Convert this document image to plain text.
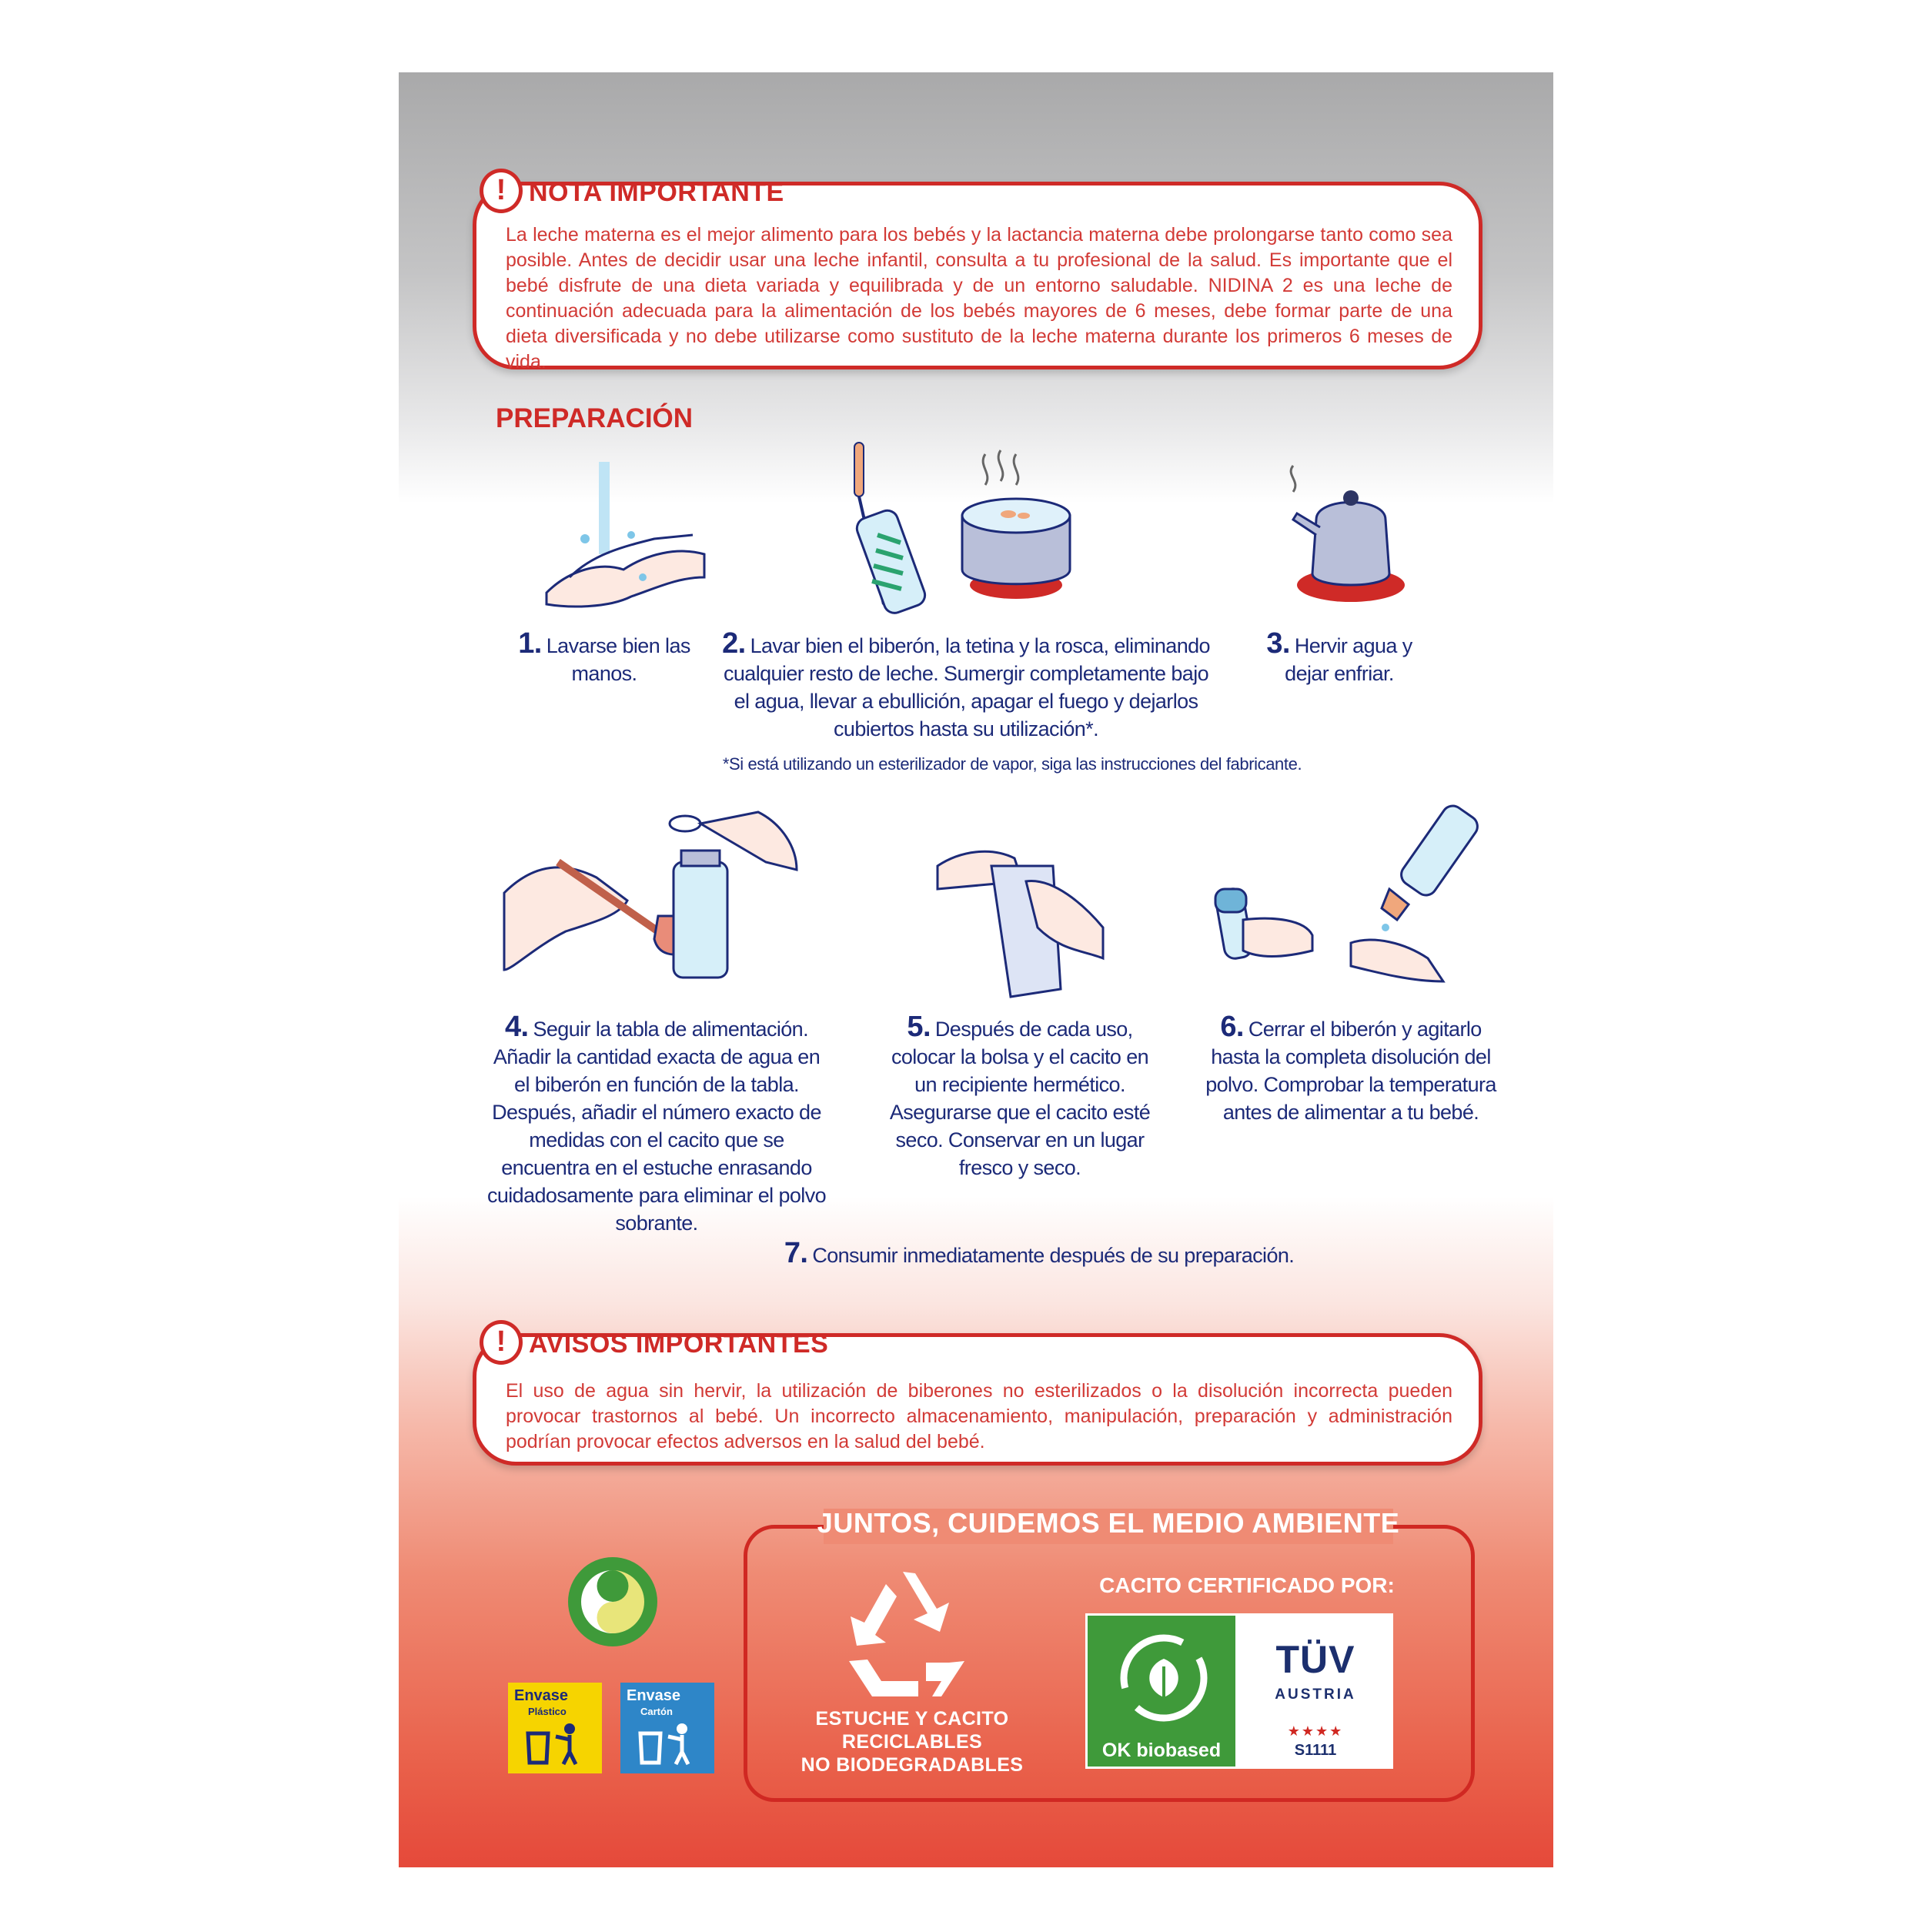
! NOTA IMPORTANTE
La leche materna es el mejor alimento para los bebés y la lactancia materna debe prolongarse tanto como sea posible. Antes de decidir usar una leche infantil, consulta a tu profesional de la salud. Es importante que el bebé disfrute de una dieta variada y equilibrada y de un entorno saludable. NIDINA 2 es una leche de continuación adecuada para la alimentación de los bebés mayores de 6 meses, debe formar parte de una dieta diversificada y no debe utilizarse como sustituto de la leche materna durante los primeros 6 meses de vida.
PREPARACIÓN
1. Lavarse bien las manos.
2. Lavar bien el biberón, la tetina y la rosca, eliminando cualquier resto de leche. Sumergir completamente bajo el agua, llevar a ebullición, apagar el fuego y dejarlos cubiertos hasta su utilización*.
3. Hervir agua y dejar enfriar.
*Si está utilizando un esterilizador de vapor, siga las instrucciones del fabricante.
4. Seguir la tabla de alimentación. Añadir la cantidad exacta de agua en el biberón en función de la tabla. Después, añadir el número exacto de medidas con el cacito que se encuentra en el estuche enrasando cuidadosamente para eliminar el polvo sobrante.
5. Después de cada uso, colocar la bolsa y el cacito en un recipiente hermético. Asegurarse que el cacito esté seco. Conservar en un lugar fresco y seco.
6. Cerrar el biberón y agitarlo hasta la completa disolución del polvo. Comprobar la temperatura antes de alimentar a tu bebé.
7. Consumir inmediatamente después de su preparación.
! AVISOS IMPORTANTES
El uso de agua sin hervir, la utilización de biberones no esterilizados o la disolución incorrecta pueden provocar trastornos al bebé. Un incorrecto almacenamiento, manipulación, preparación y administración podrían provocar efectos adversos en la salud del bebé.
JUNTOS, CUIDEMOS EL MEDIO AMBIENTE
Envase
Plástico
Envase
Cartón	ESTUCHE Y CACITO
RECICLABLES
NO BIODEGRADABLES
CACITO CERTIFICADO POR:
OK biobased
TÜV
AUSTRIA
★★★★
S1111
